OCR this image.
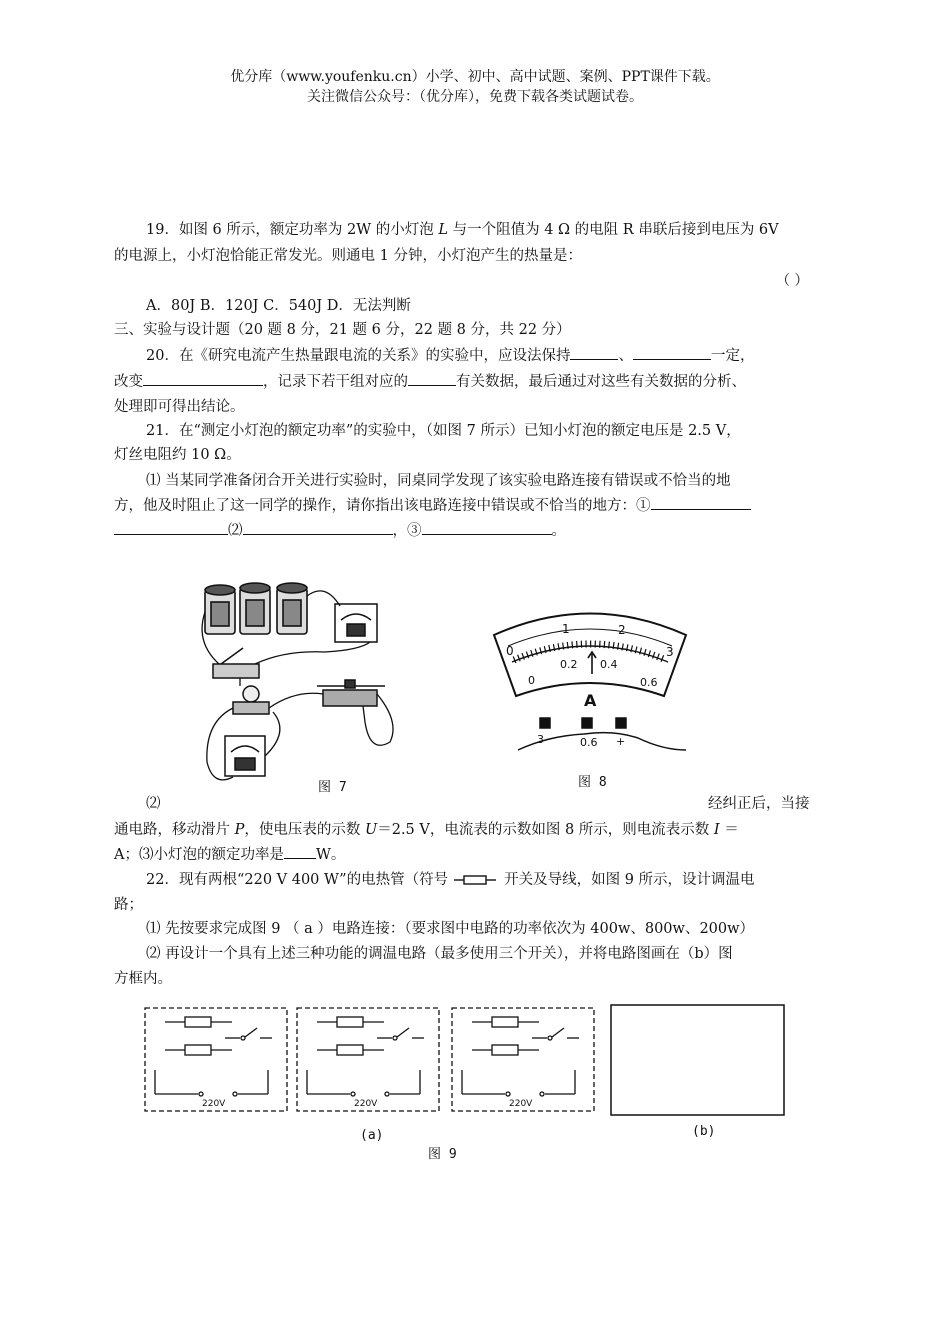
优分库（www.youfenku.cn）小学、初中、高中试题、案例、PPT课件下载。
关注微信公众号：（优分库），免费下载各类试题试卷。
19．如图 6 所示，额定功率为 2W 的小灯泡 L 与一个阻值为 4 Ω 的电阻 R 串联后接到电压为 6V
的电源上，小灯泡恰能正常发光。则通电 1 分钟，小灯泡产生的热量是：
（ ）
A．80J B．120J C．540J D．无法判断
三、实验与设计题（20 题 8 分，21 题 6 分，22 题 8 分，共 22 分）
20．在《研究电流产生热量跟电流的关系》的实验中，应设法保持	、	一定，
改变	，记录下若干组对应的	有关数据，最后通过对这些有关数据的分析、
处理即可得出结论。
21．在“测定小灯泡的额定功率”的实验中，（如图 7 所示）已知小灯泡的额定电压是 2.5 V，
灯丝电阻约 10 Ω。
⑴ 当某同学准备闭合开关进行实验时，同桌同学发现了该实验电路连接有错误或不恰当的地
方，他及时阻止了这一同学的操作，请你指出该电路连接中错误或不恰当的地方：①
⑵	，③	。
图 7
0
1	2
3
0
0.2 0.4
0.6
A
3	0.6 +
图 8
⑵	经纠正后，当接
通电路，移动滑片 P，使电压表的示数 U＝2.5 V，电流表的示数如图 8 所示，则电流表示数 I ＝
A；⑶小灯泡的额定功率是 W。
22．现有两根“220 V 400 W”的电热管（符号	开关及导线，如图 9 所示，设计调温电
路；
⑴ 先按要求完成图 9 （ a ）电路连接：（要求图中电路的功率依次为 400w、800w、200w）
⑵ 再设计一个具有上述三种功能的调温电路（最多使用三个开关），并将电路图画在（b）图
方框内。
220V	220V	220V
(a)	(b)
图 9
